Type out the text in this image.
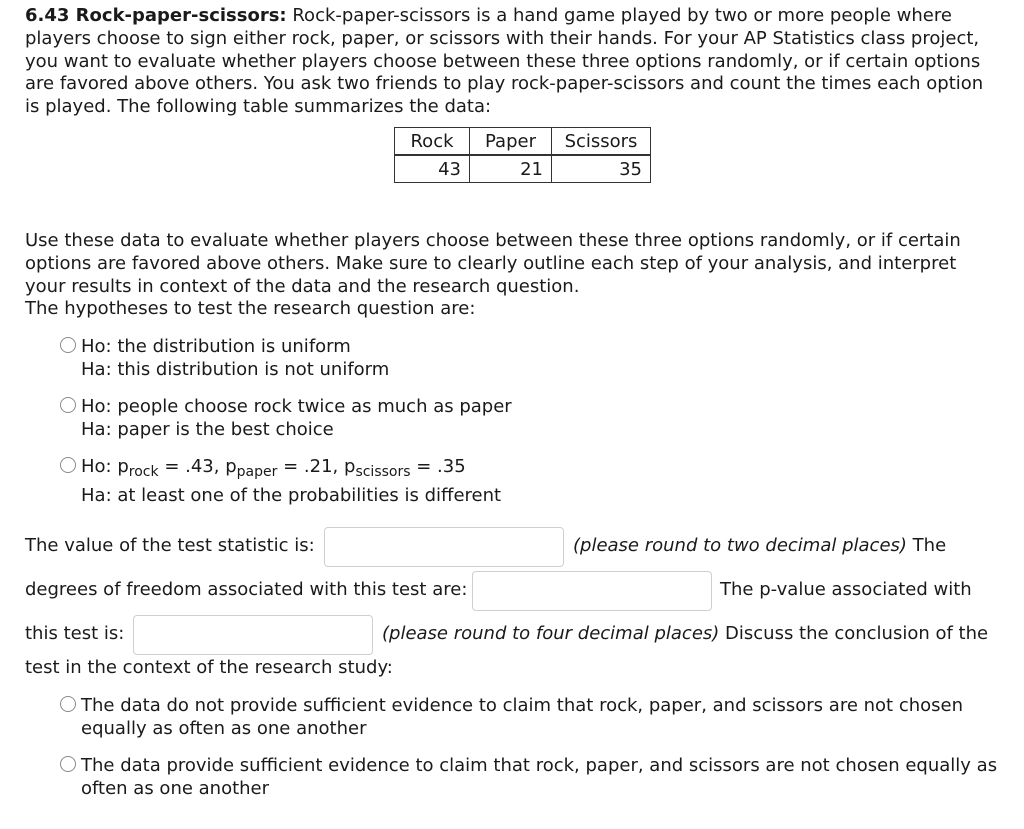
6.43 Rock-paper-scissors: Rock-paper-scissors is a hand game played by two or more people where
players choose to sign either rock, paper, or scissors with their hands. For your AP Statistics class project,
you want to evaluate whether players choose between these three options randomly, or if certain options
are favored above others. You ask two friends to play rock-paper-scissors and count the times each option
is played. The following table summarizes the data:
Rock	Paper	Scissors
43	21	35
Use these data to evaluate whether players choose between these three options randomly, or if certain
options are favored above others. Make sure to clearly outline each step of your analysis, and interpret
your results in context of the data and the research question.
The hypotheses to test the research question are:
Ho: the distribution is uniform
Ha: this distribution is not uniform
Ho: people choose rock twice as much as paper
Ha: paper is the best choice
Ho: $p_{rock} = .43$, $p_{paper} = .21$, $p_{scissors} = .35$
Ha: at least one of the probabilities is different
The value of the test statistic is:	(please round to two decimal places) The
degrees of freedom associated with this test are:	The p-value associated with
this test is:	(please round to four decimal places) Discuss the conclusion of the
test in the context of the research study:
The data do not provide sufficient evidence to claim that rock, paper, and scissors are not chosen
equally as often as one another
The data provide sufficient evidence to claim that rock, paper, and scissors are not chosen equally as
often as one another
